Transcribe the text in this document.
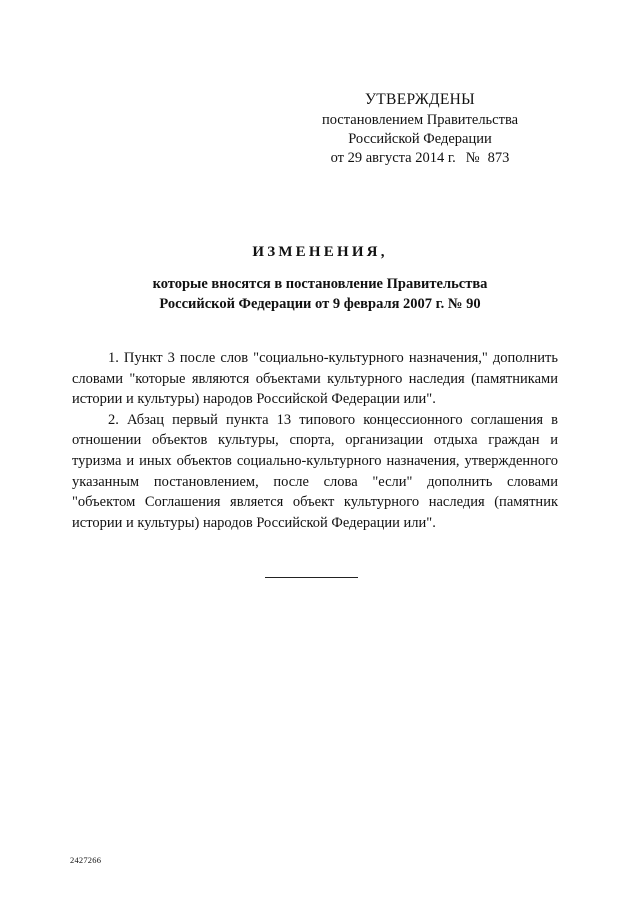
УТВЕРЖДЕНЫ
постановлением Правительства
Российской Федерации
от 29 августа 2014 г. № 873
ИЗМЕНЕНИЯ,
которые вносятся в постановление Правительства
Российской Федерации от 9 февраля 2007 г. № 90

1. Пункт 3 после слов "социально-культурного назначения," дополнить словами "которые являются объектами культурного наследия (памятниками истории и культуры) народов Российской Федерации или".

2. Абзац первый пункта 13 типового концессионного соглашения в отношении объектов культуры, спорта, организации отдыха граждан и туризма и иных объектов социально-культурного назначения, утвержденного указанным постановлением, после слова "если" дополнить словами "объектом Соглашения является объект культурного наследия (памятник истории и культуры) народов Российской Федерации или".

2427266
